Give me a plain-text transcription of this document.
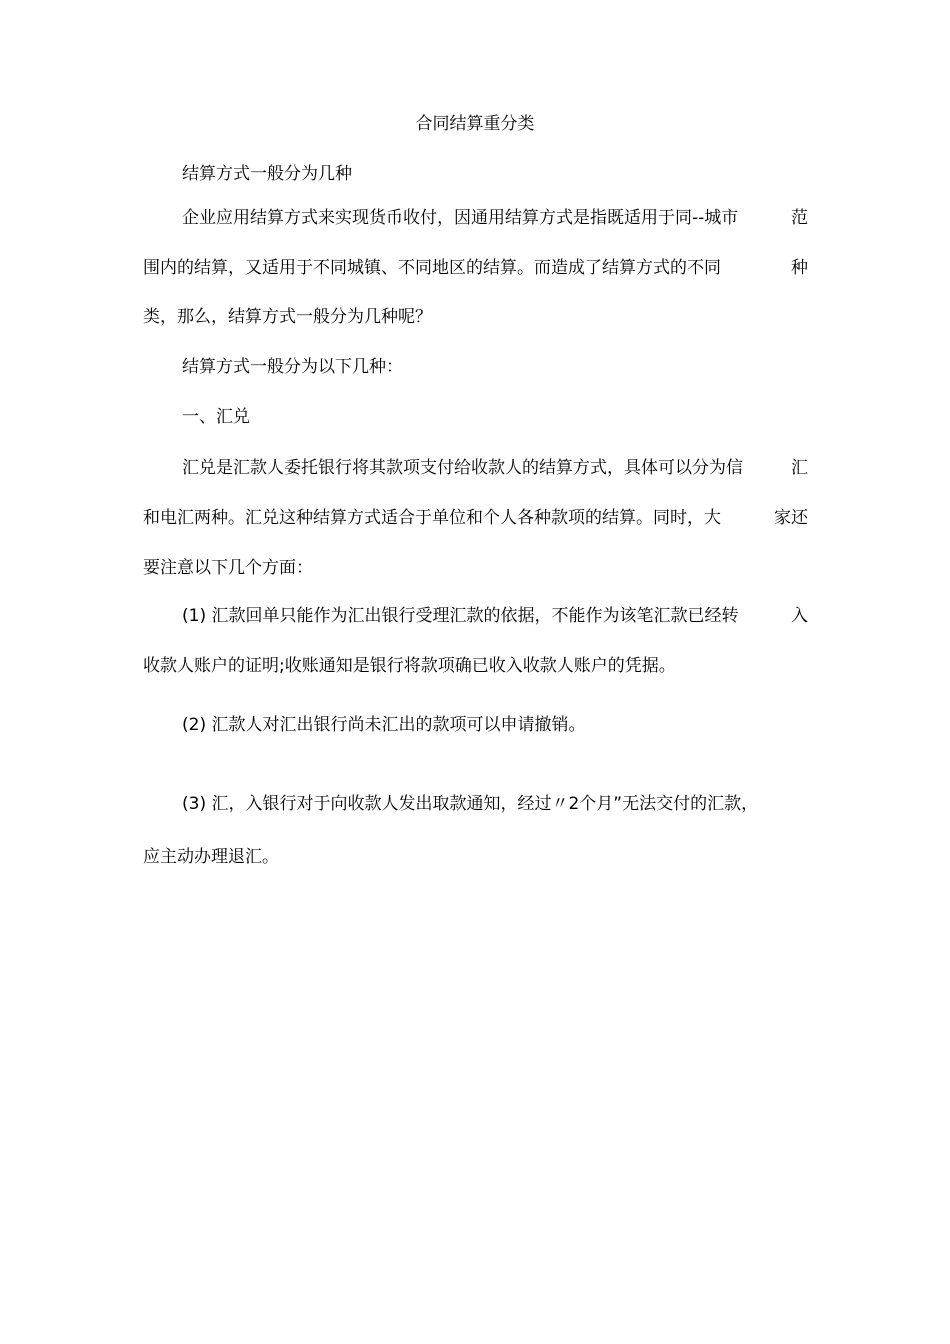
合同结算重分类
结算方式一般分为几种
企业应用结算方式来实现货币收付，因通用结算方式是指既适用于同--城市	范
围内的结算，又适用于不同城镇、不同地区的结算。而造成了结算方式的不同	种
类，那么，结算方式一般分为几种呢？
结算方式一般分为以下几种：
一、汇兑
汇兑是汇款人委托银行将其款项支付给收款人的结算方式，具体可以分为信	汇
和电汇两种。汇兑这种结算方式适合于单位和个人各种款项的结算。同时，大	家还
要注意以下几个方面：
(1) 汇款回单只能作为汇出银行受理汇款的依据，不能作为该笔汇款已经转	入
收款人账户的证明;收账通知是银行将款项确已收入收款人账户的凭据。
(2) 汇款人对汇出银行尚未汇出的款项可以申请撤销。
(3) 汇，入银行对于向收款人发出取款通知，经过〃2个月”无法交付的汇款，
应主动办理退汇。
